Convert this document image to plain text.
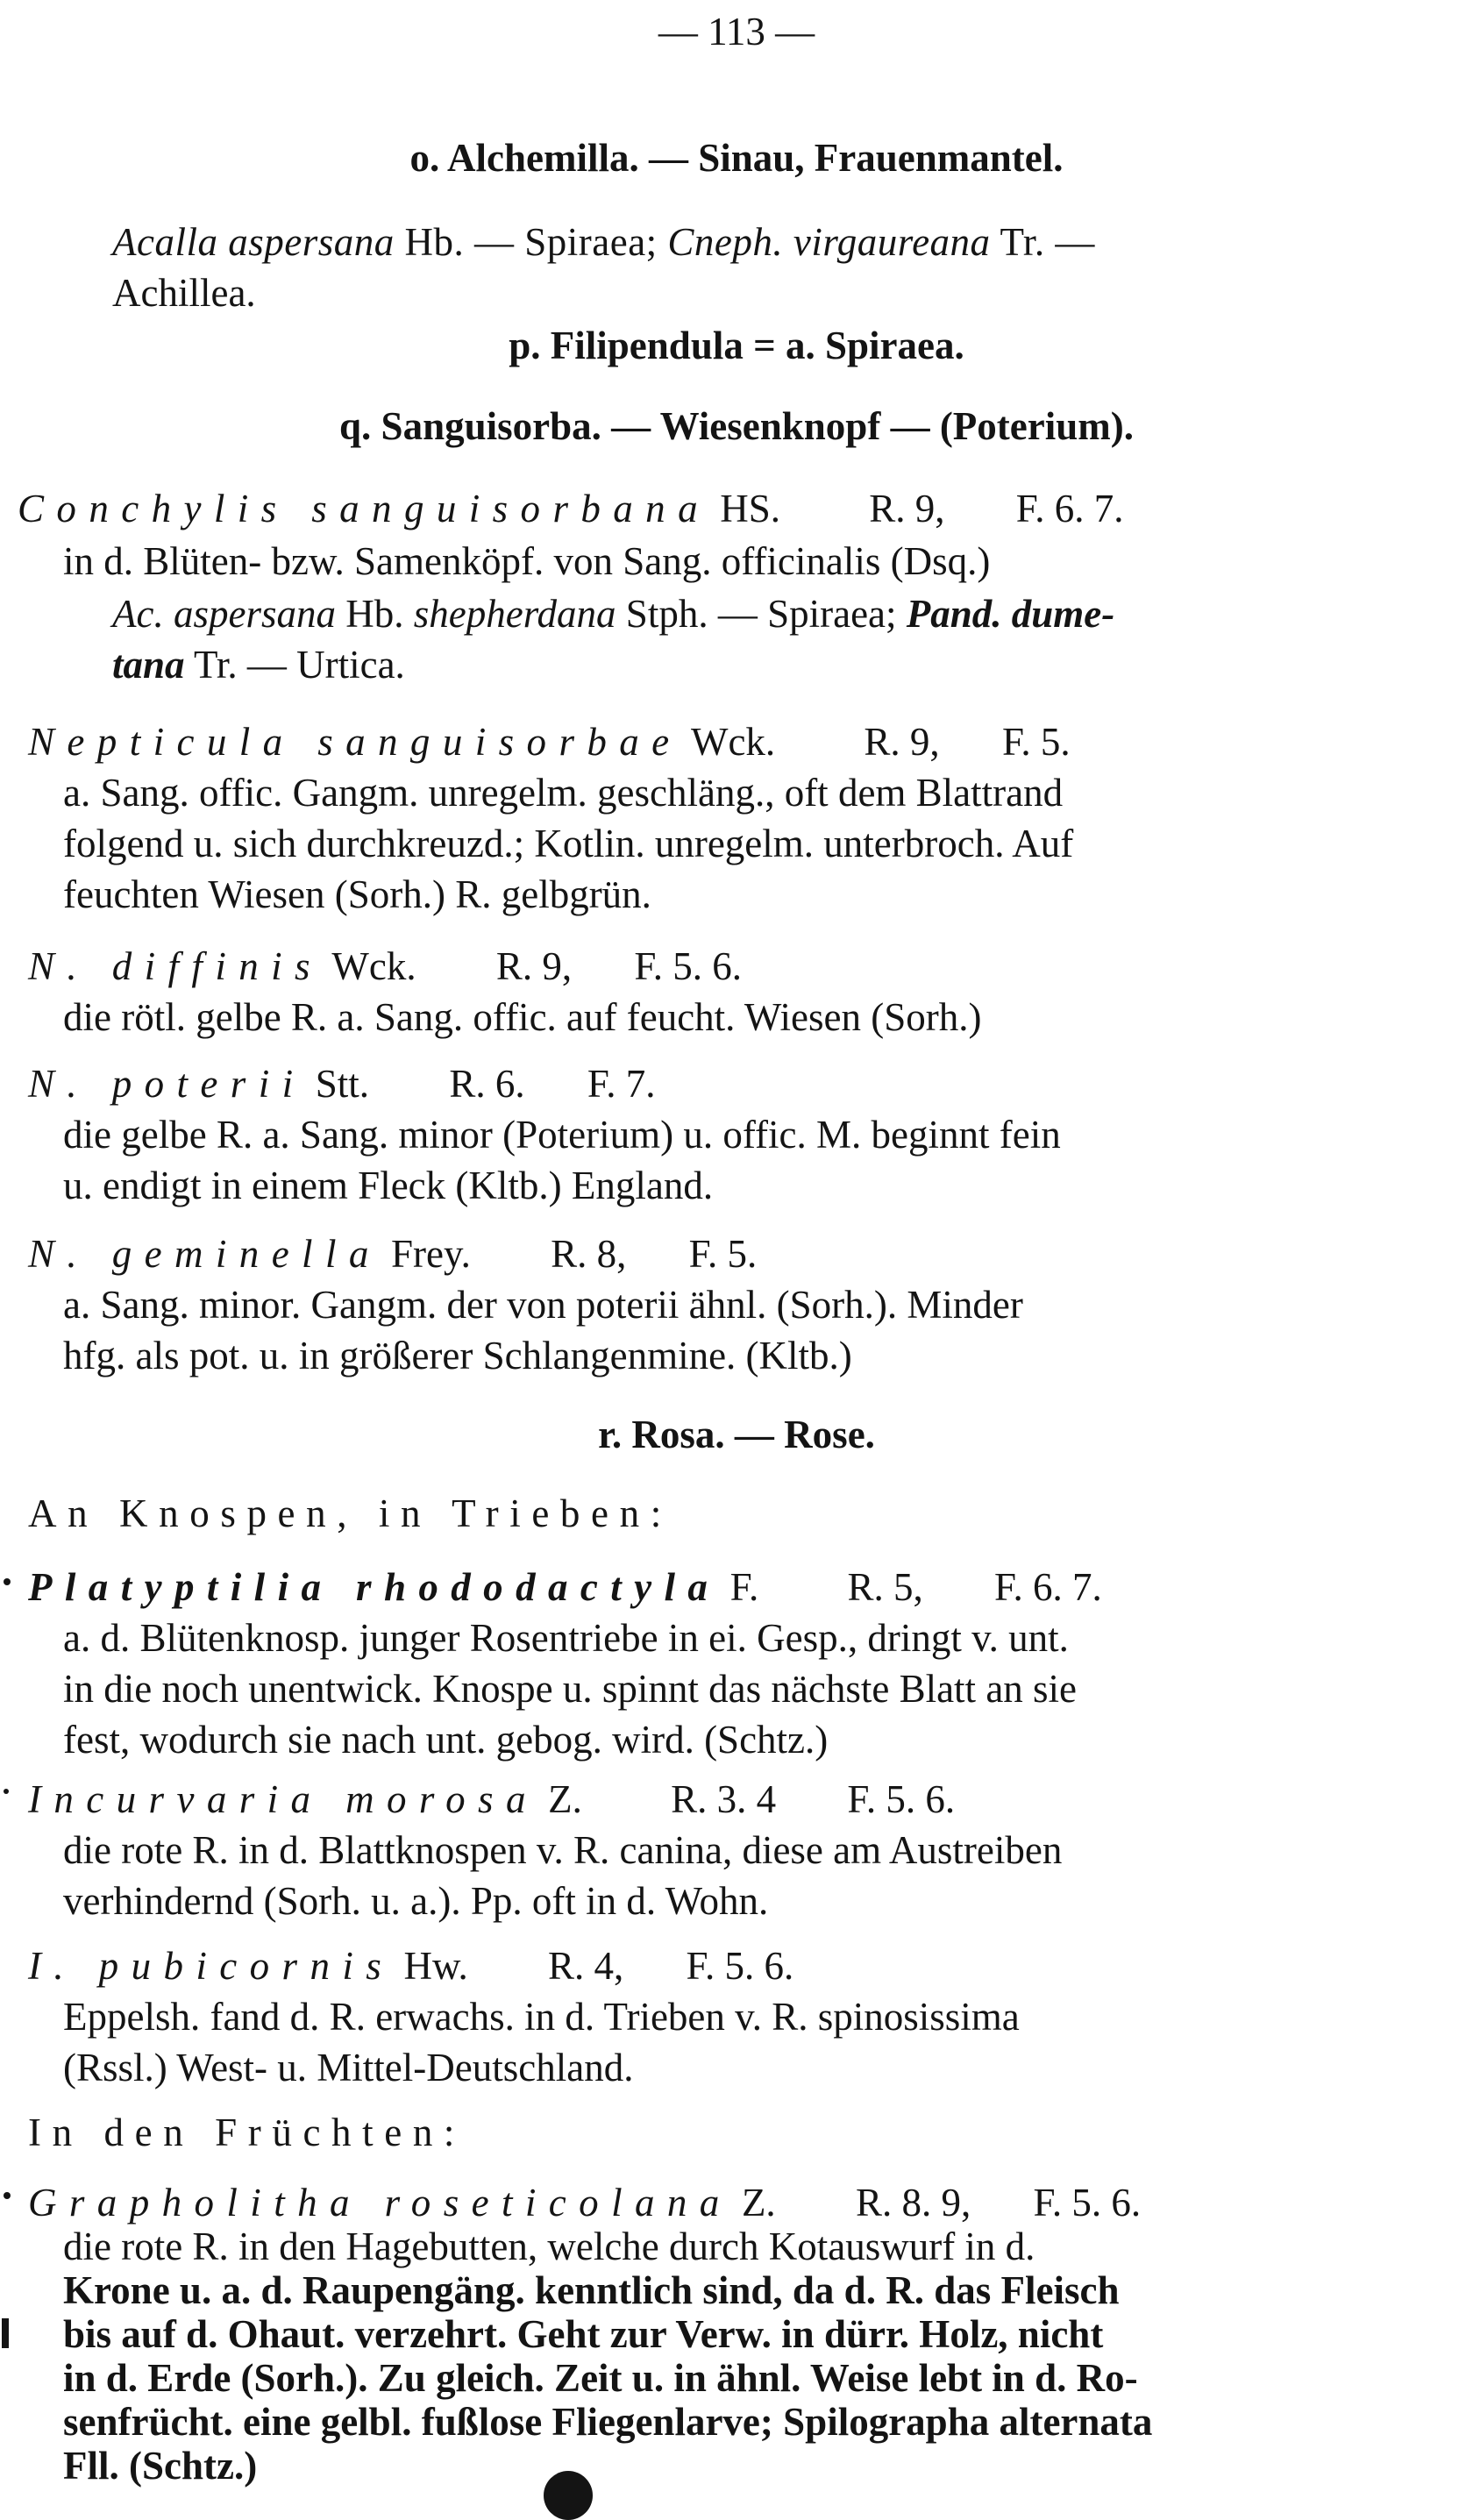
— 113 —
o. Alchemilla. — Sinau, Frauenmantel.
Acalla aspersana Hb. — Spiraea; Cneph. virgaureana Tr. —
Achillea.
p. Filipendula = a. Spiraea.
q. Sanguisorba. — Wiesenknopf — (Poterium).
Conchylis sanguisorbana HS. R. 9, F. 6. 7.
in d. Blüten- bzw. Samenköpf. von Sang. officinalis (Dsq.)
Ac. aspersana Hb. shepherdana Stph. — Spiraea; Pand. dume-
tana Tr. — Urtica.
Nepticula sanguisorbae Wck. R. 9, F. 5.
a. Sang. offic. Gangm. unregelm. geschläng., oft dem Blattrand
folgend u. sich durchkreuzd.; Kotlin. unregelm. unterbroch. Auf
feuchten Wiesen (Sorh.) R. gelbgrün.
N. diffinis Wck. R. 9, F. 5. 6.
die rötl. gelbe R. a. Sang. offic. auf feucht. Wiesen (Sorh.)
N. poterii Stt. R. 6. F. 7.
die gelbe R. a. Sang. minor (Poterium) u. offic. M. beginnt fein
u. endigt in einem Fleck (Kltb.) England.
N. geminella Frey. R. 8, F. 5.
a. Sang. minor. Gangm. der von poterii ähnl. (Sorh.). Minder
hfg. als pot. u. in größerer Schlangenmine. (Kltb.)
r. Rosa. — Rose.
An Knospen, in Trieben:
Platyptilia rhododactyla F. R. 5, F. 6. 7.
a. d. Blütenknosp. junger Rosentriebe in ei. Gesp., dringt v. unt.
in die noch unentwick. Knospe u. spinnt das nächste Blatt an sie
fest, wodurch sie nach unt. gebog. wird. (Schtz.)
Incurvaria morosa Z. R. 3. 4 F. 5. 6.
die rote R. in d. Blattknospen v. R. canina, diese am Austreiben
verhindernd (Sorh. u. a.). Pp. oft in d. Wohn.
I. pubicornis Hw. R. 4, F. 5. 6.
Eppelsh. fand d. R. erwachs. in d. Trieben v. R. spinosissima
(Rssl.) West- u. Mittel-Deutschland.
In den Früchten:
Grapholitha roseticolana Z. R. 8. 9, F. 5. 6.
die rote R. in den Hagebutten, welche durch Kotauswurf in d.
Krone u. a. d. Raupengäng. kenntlich sind, da d. R. das Fleisch
bis auf d. Ohaut. verzehrt. Geht zur Verw. in dürr. Holz, nicht
in d. Erde (Sorh.). Zu gleich. Zeit u. in ähnl. Weise lebt in d. Ro-
senfrücht. eine gelbl. fußlose Fliegenlarve; Spilographa alternata
Fll. (Schtz.)
